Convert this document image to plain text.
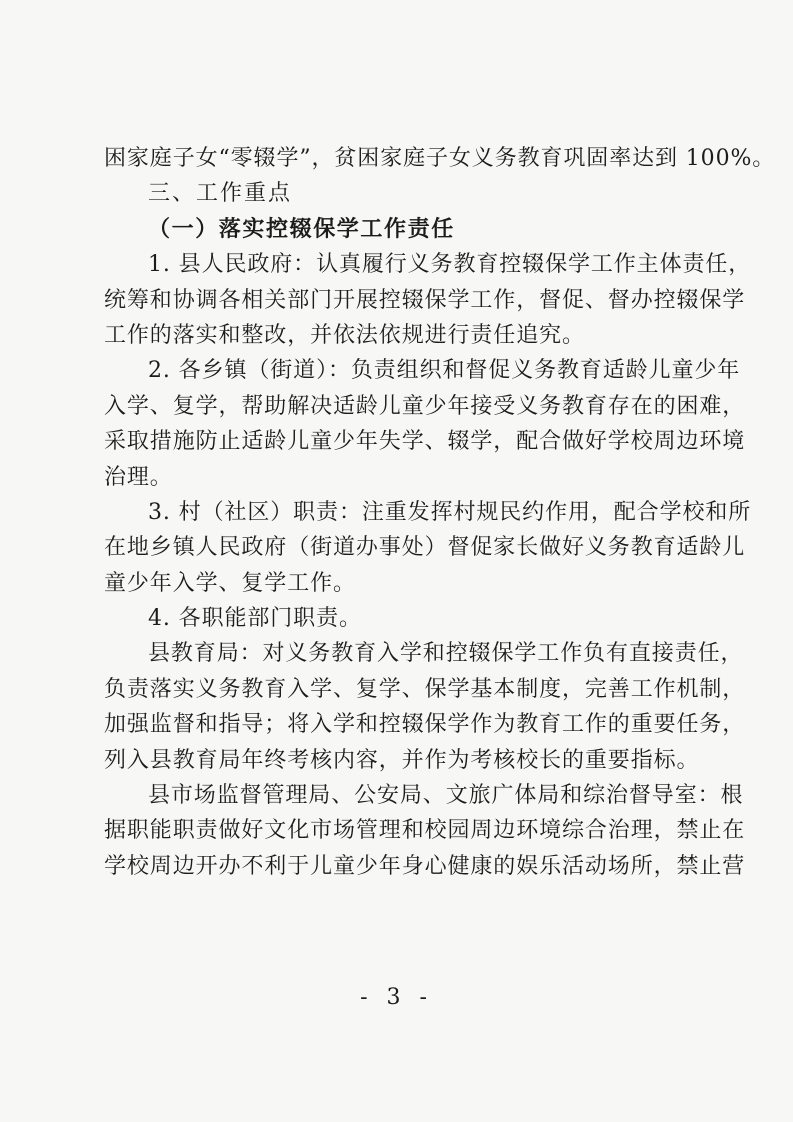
困家庭子女“零辍学”，贫困家庭子女义务教育巩固率达到 100%。
三、工作重点
（一）落实控辍保学工作责任
1. 县人民政府：认真履行义务教育控辍保学工作主体责任，
统筹和协调各相关部门开展控辍保学工作，督促、督办控辍保学
工作的落实和整改，并依法依规进行责任追究。
2. 各乡镇（街道）：负责组织和督促义务教育适龄儿童少年
入学、复学，帮助解决适龄儿童少年接受义务教育存在的困难，
采取措施防止适龄儿童少年失学、辍学，配合做好学校周边环境
治理。
3. 村（社区）职责：注重发挥村规民约作用，配合学校和所
在地乡镇人民政府（街道办事处）督促家长做好义务教育适龄儿
童少年入学、复学工作。
4. 各职能部门职责。
县教育局：对义务教育入学和控辍保学工作负有直接责任，
负责落实义务教育入学、复学、保学基本制度，完善工作机制，
加强监督和指导；将入学和控辍保学作为教育工作的重要任务，
列入县教育局年终考核内容，并作为考核校长的重要指标。
县市场监督管理局、公安局、文旅广体局和综治督导室：根
据职能职责做好文化市场管理和校园周边环境综合治理，禁止在
学校周边开办不利于儿童少年身心健康的娱乐活动场所，禁止营
- 3 -
